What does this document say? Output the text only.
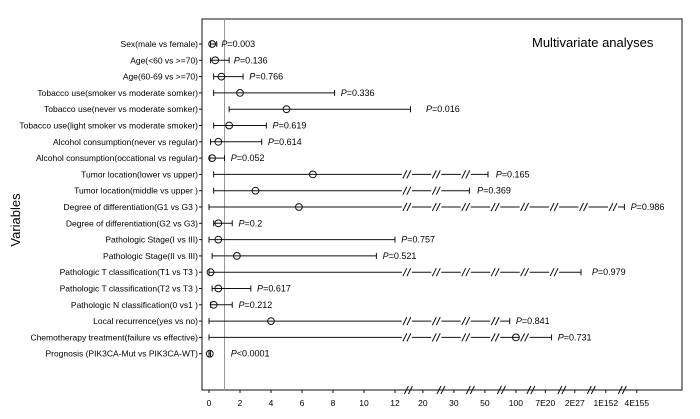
Multivariate analyses
Variables
Sex(male vs female)	P=0.003
Age(<60 vs >=70)	P=0.136
Age(60-69 vs >=70)	P=0.766
Tobacco use(smoker vs moderate somker)	P=0.336
Tobacco use(never vs moderate somker)	P=0.016
Tobacco use(light smoker vs moderate smoker)	P=0.619
Alcohol consumption(never vs regular)	P=0.614
Alcohol consumption(occational vs regular)	P=0.052
Tumor location(lower vs upper)	P=0.165
Tumor location(middle vs upper )	P=0.369
Degree of differentiation(G1 vs G3 )	P=0.986
Degree of differentiation(G2 vs G3)	P=0.2
Pathologic Stage(I vs III)	P=0.757
Pathologic Stage(II vs III)	P=0.521
Pathologic T classification(T1 vs T3 )	P=0.979
Pathologic T classification(T2 vs T3 )	P=0.617
Pathologic N classification(0 vs1 )	P=0.212
Local recurrence(yes vs no)	P=0.841
Chemotherapy treatment(failure vs effective)	P=0.731
Prognosis (PIK3CA-Mut vs PIK3CA-WT)	P<0.0001
0	2	4	6	8	10	12 20	30	50 100 7E20 2E27 1E152 4E155
